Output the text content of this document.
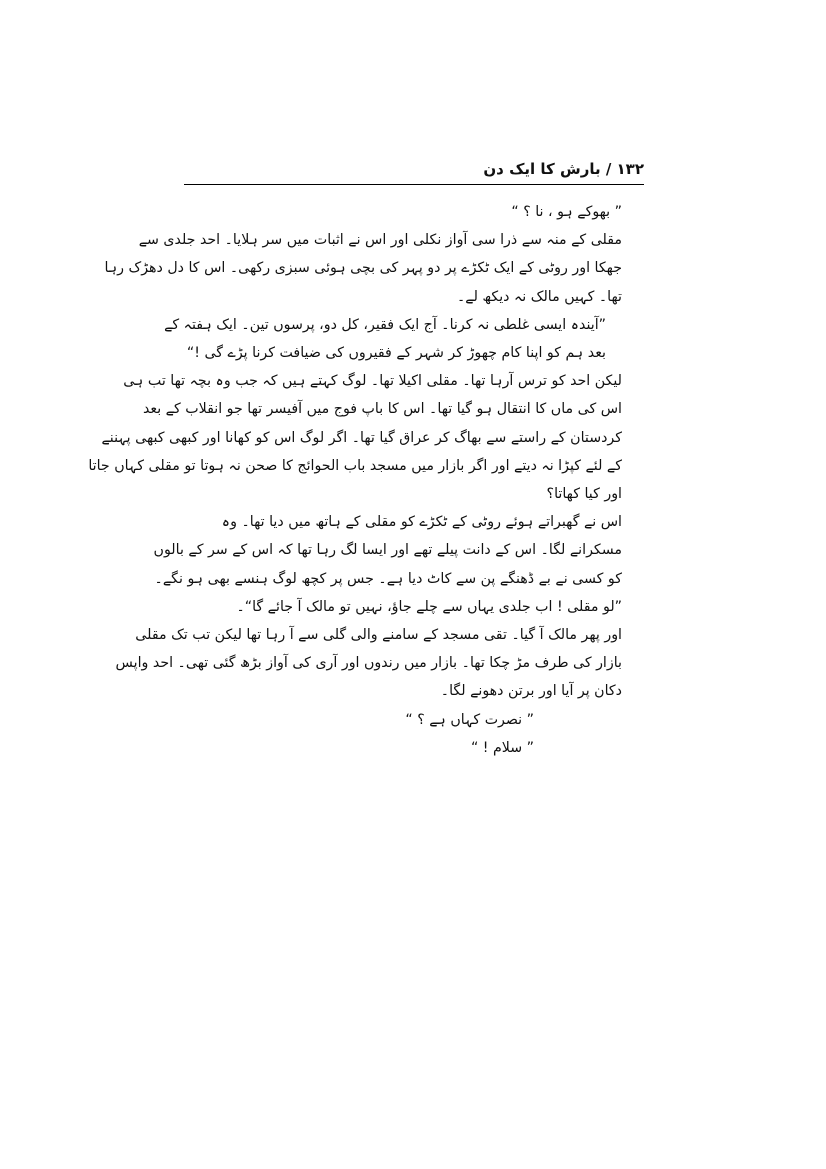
۱۳۲ / بارش کا ایک دن
” بھوکے ہو ، نا ؟ “
مقلی کے منہ سے ذرا سی آواز نکلی اور اس نے اثبات میں سر ہلایا۔ احد جلدی سے
جھکا اور روٹی کے ایک ٹکڑے پر دو پہر کی بچی ہوئی سبزی رکھی۔ اس کا دل دھڑک رہا
تھا۔ کہیں مالک نہ دیکھ لے۔
”آیندہ ایسی غلطی نہ کرنا۔ آج ایک فقیر، کل دو، پرسوں تین۔ ایک ہفتہ کے
بعد ہم کو اپنا کام چھوڑ کر شہر کے فقیروں کی ضیافت کرنا پڑے گی !“
لیکن احد کو ترس آرہا تھا۔ مقلی اکیلا تھا۔ لوگ کہتے ہیں کہ جب وہ بچہ تھا تب ہی
اس کی ماں کا انتقال ہو گیا تھا۔ اس کا باپ فوج میں آفیسر تھا جو انقلاب کے بعد
کردستان کے راستے سے بھاگ کر عراق گیا تھا۔ اگر لوگ اس کو کھانا اور کبھی کبھی پہننے
کے لئے کپڑا نہ دیتے اور اگر بازار میں مسجد باب الحوائج کا صحن نہ ہوتا تو مقلی کہاں جاتا
اور کیا کھاتا؟
اس نے گھبراتے ہوئے روٹی کے ٹکڑے کو مقلی کے ہاتھ میں دیا تھا۔ وہ
مسکرانے لگا۔ اس کے دانت پیلے تھے اور ایسا لگ رہا تھا کہ اس کے سر کے بالوں
کو کسی نے بے ڈھنگے پن سے کاٹ دیا ہے۔ جس پر کچھ لوگ ہنسے بھی ہو نگے۔
”لو مقلی ! اب جلدی یہاں سے چلے جاؤ، نہیں تو مالک آ جائے گا“۔
اور پھر مالک آ گیا۔ تقی مسجد کے سامنے والی گلی سے آ رہا تھا لیکن تب تک مقلی
بازار کی طرف مڑ چکا تھا۔ بازار میں رندوں اور آری کی آواز بڑھ گئی تھی۔ احد واپس
دکان پر آیا اور برتن دھونے لگا۔
” نصرت کہاں ہے ؟ “
” سلام ! “
